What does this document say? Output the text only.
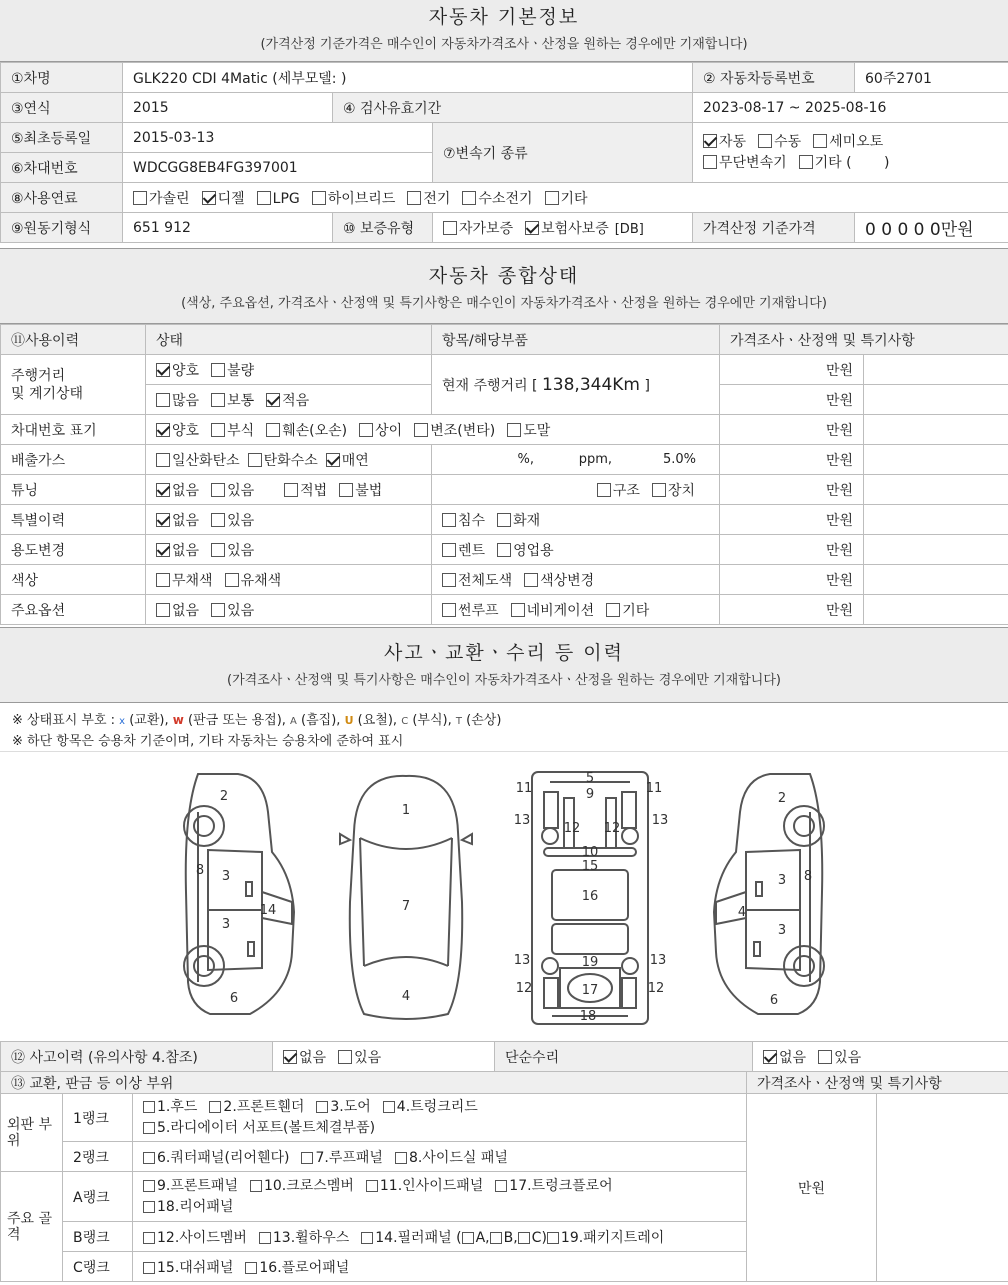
자동차 기본정보
(가격산정 기준가격은 매수인이 자동차가격조사ㆍ산정을 원하는 경우에만 기재합니다)
①차명	GLK220 CDI 4Matic (세부모델: )			② 자동차등록번호	60주2701
③연식	2015	④ 검사유효기간		2023-08-17 ~ 2025-08-16	
⑤최초등록일	2015-03-13		⑦변속기 종류	자동 수동 세미오토
무단변속기 기타 (　　 )	
⑥차대번호	WDCGG8EB4FG397001				
⑧사용연료	가솔린 디젤 LPG 하이브리드 전기 수소전기 기타				
⑨원동기형식	651 912	⑩ 보증유형	자가보증 보험사보증 [DB]	가격산정 기준가격	0 0 0 0 0만원
자동차 종합상태
(색상, 주요옵션, 가격조사ㆍ산정액 및 특기사항은 매수인이 자동차가격조사ㆍ산정을 원하는 경우에만 기재합니다)
⑪사용이력	상태	항목/해당부품	가격조사ㆍ산정액 및 특기사항	
주행거리
및 계기상태	양호 불량	현재 주행거리 [ 138,344Km ]	만원	
	많음 보통 적음		만원	
차대번호 표기	양호 부식 훼손(오손) 상이 변조(변타) 도말		만원	
배출가스	일산화탄소 탄화수소 매연	%, ppm, 5.0%	만원	
튜닝	없음 있음 적법 불법	구조 장치	만원	
특별이력	없음 있음	침수 화재	만원	
용도변경	없음 있음	렌트 영업용	만원	
색상	무채색 유채색	전체도색 색상변경	만원	
주요옵션	없음 있음	썬루프 네비게이션 기타	만원	
사고ㆍ교환ㆍ수리 등 이력
(가격조사ㆍ산정액 및 특기사항은 매수인이 자동차가격조사ㆍ산정을 원하는 경우에만 기재합니다)
※ 상태표시 부호 : x (교환), w (판금 또는 용접), A (흠집), U (요철), C (부식), T (손상)
※ 하단 항목은 승용차 기준이며, 기타 자동차는 승용차에 준하여 표시
2
8 3
3
14
6
1
7
4
5
9
11	11
13	13
12 12
10
15
16
13	13
19
17
12	12
18
2
3 8
4
3
6
⑫ 사고이력 (유의사항 4.참조)	없음 있음	단순수리	없음 있음
⑬ 교환, 판금 등 이상 부위			가격조사ㆍ산정액 및 특기사항	
외판 부위	1랭크	1.후드 2.프론트휀더 3.도어 4.트렁크리드
5.라디에이터 서포트(볼트체결부품)	만원	
	2랭크	6.쿼터패널(리어휀다) 7.루프패널 8.사이드실 패널		
주요 골격	A랭크	9.프론트패널 10.크로스멤버 11.인사이드패널 17.트렁크플로어
18.리어패널		
	B랭크	12.사이드멤버 13.휠하우스 14.필러패널 ( A, B, C) 19.패키지트레이		
	C랭크	15.대쉬패널 16.플로어패널		
